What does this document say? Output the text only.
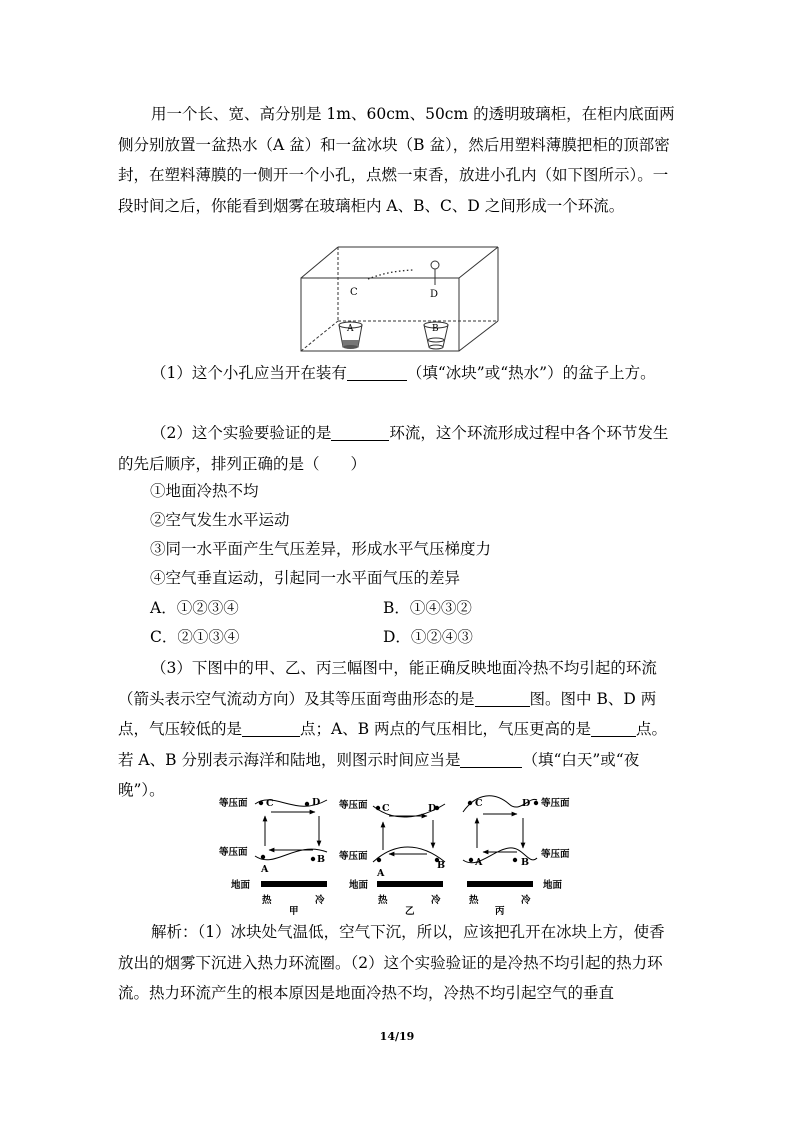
用一个长、宽、高分别是 1m、60cm、50cm 的透明玻璃柜，在柜内底面两侧分别放置一盆热水（A 盆）和一盆冰块（B 盆），然后用塑料薄膜把柜的顶部密封，在塑料薄膜的一侧开一个小孔，点燃一束香，放进小孔内（如下图所示）。一段时间之后，你能看到烟雾在玻璃柜内 A、B、C、D 之间形成一个环流。

C	D
A	B

（1）这个小孔应当开在装有	（填“冰块”或“热水”）的盆子上方。

（2）这个实验要验证的是	环流，这个环流形成过程中各个环节发生的先后顺序，排列正确的是（　　）

①地面冷热不均
②空气发生水平运动
③同一水平面产生气压差异，形成水平气压梯度力
④空气垂直运动，引起同一水平面气压的差异
A．①②③④	B．①④③②
C．②①③④	D．①②④③

（3）下图中的甲、乙、丙三幅图中，能正确反映地面冷热不均引起的环流（箭头表示空气流动方向）及其等压面弯曲形态的是	图。图中 B、D 两点，气压较低的是	点；A、B 两点的气压相比，气压更高的是	点。若 A、B 分别表示海洋和陆地，则图示时间应当是	（填“白天”或“夜晚”）。

等压面
等压面
C	D
A
B
地面
热	冷
甲
等压面
等压面
C	D
A
B
地面
热	冷
乙
等压面
等压面
C	D
A	B
地面
热	冷
丙

解析：（1）冰块处气温低，空气下沉，所以，应该把孔开在冰块上方，使香放出的烟雾下沉进入热力环流圈。（2）这个实验验证的是冷热不均引起的热力环流。热力环流产生的根本原因是地面冷热不均，冷热不均引起空气的垂直

14/19
